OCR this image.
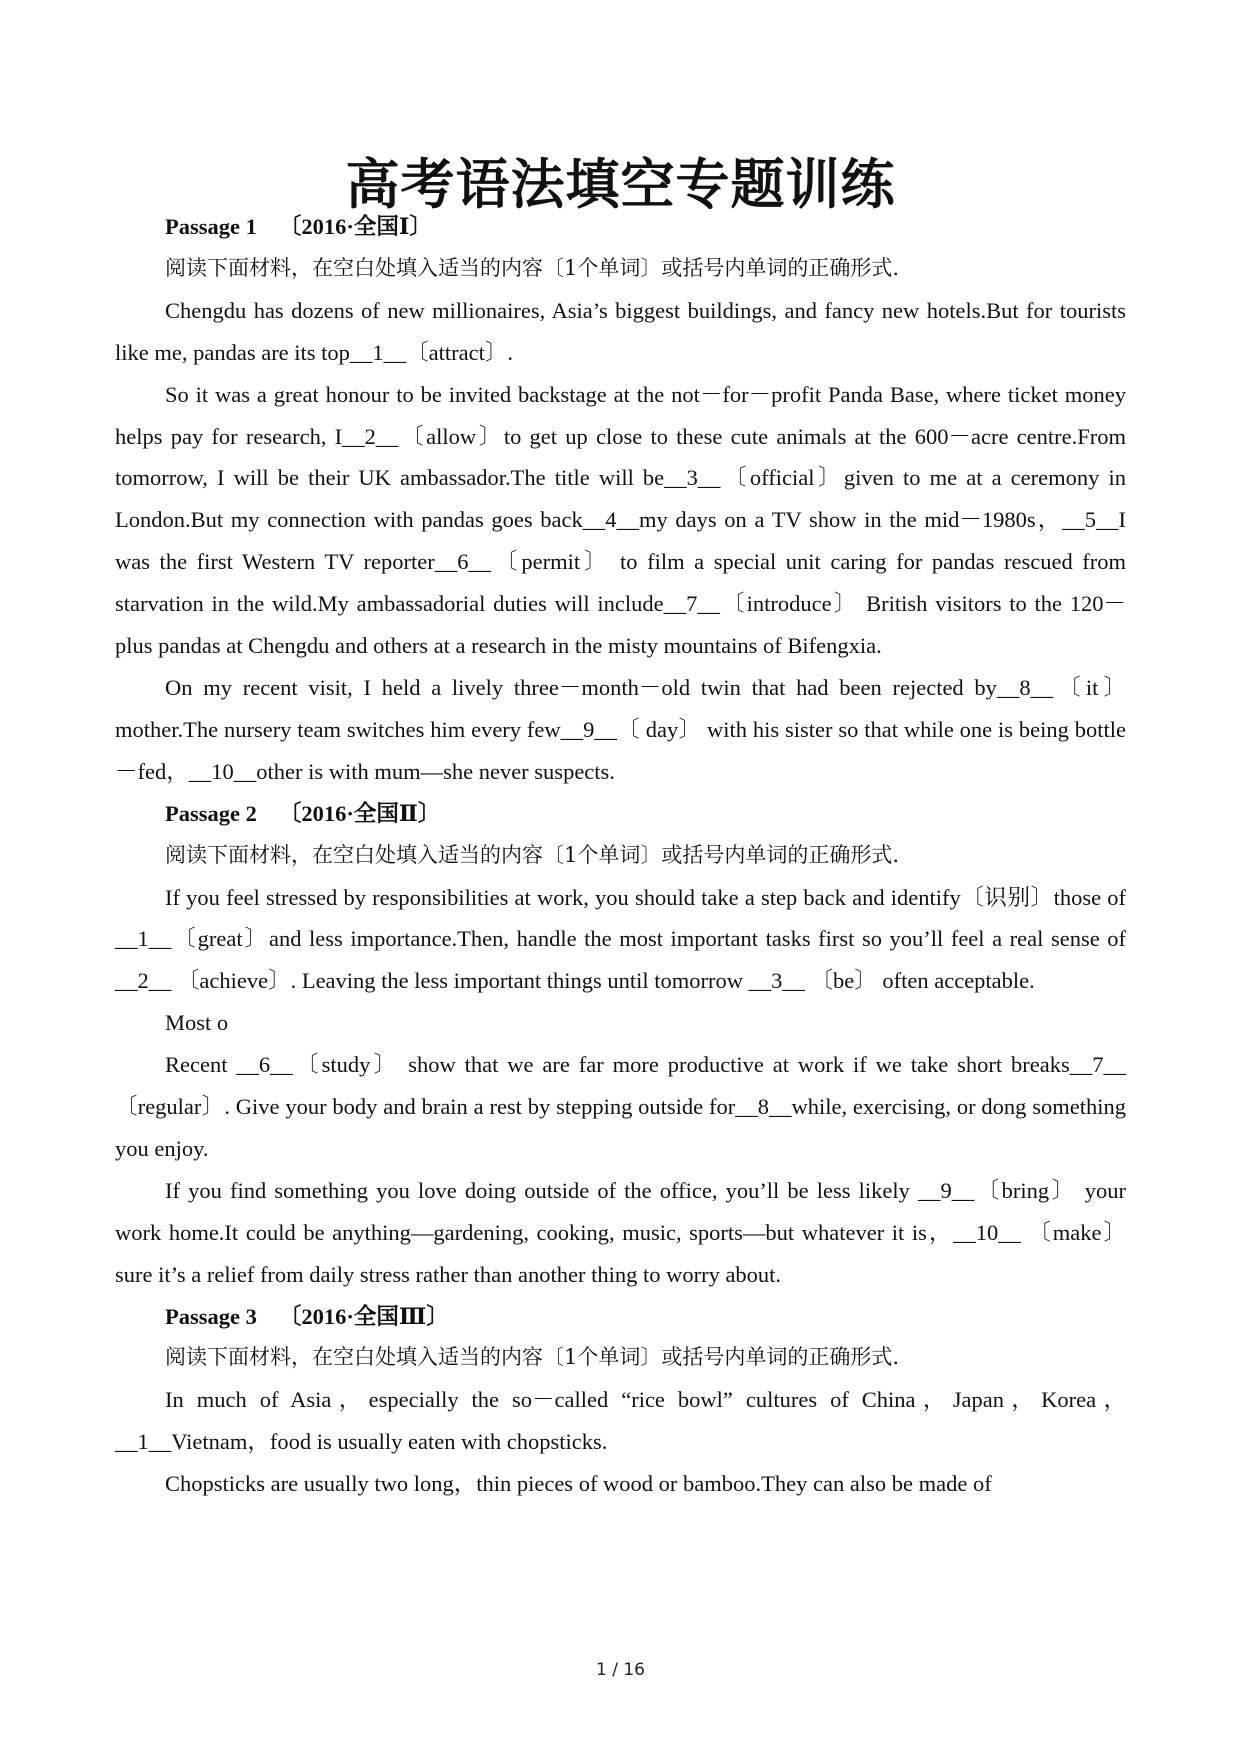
高考语法填空专题训练

Passage 1 〔2016·全国Ⅰ〕

阅读下面材料，在空白处填入适当的内容〔1个单词〕或括号内单词的正确形式.

Chengdu has dozens of new millionaires, Asia’s biggest buildings, and fancy new hotels.But for tourists like me, pandas are its top__1__〔attract〕.

So it was a great honour to be invited backstage at the not－for－profit Panda Base, where ticket money helps pay for research, I__2__〔allow〕to get up close to these cute animals at the 600－acre centre.From tomorrow, I will be their UK ambassador.The title will be__3__〔official〕given to me at a ceremony in London.But my connection with pandas goes back__4__my days on a TV show in the mid－1980s，__5__I was the first Western TV reporter__6__〔permit〕 to film a special unit caring for pandas rescued from starvation in the wild.My ambassadorial duties will include__7__〔introduce〕 British visitors to the 120－plus pandas at Chengdu and others at a research in the misty mountains of Bifengxia.

On my recent visit, I held a lively three－month－old twin that had been rejected by__8__〔it〕 mother.The nursery team switches him every few__9__〔 day〕 with his sister so that while one is being bottle－fed，__10__other is with mum—she never suspects.

Passage 2 〔2016·全国Ⅱ〕

阅读下面材料，在空白处填入适当的内容〔1个单词〕或括号内单词的正确形式.

If you feel stressed by responsibilities at work, you should take a step back and identify〔识别〕those of __1__〔great〕and less importance.Then, handle the most important tasks first so you’ll feel a real sense of __2__ 〔achieve〕. Leaving the less important things until tomorrow __3__ 〔be〕 often acceptable.

Most o

Recent __6__〔study〕 show that we are far more productive at work if we take short breaks__7__〔regular〕. Give your body and brain a rest by stepping outside for__8__while, exercising, or dong something you enjoy.

If you find something you love doing outside of the office, you’ll be less likely __9__〔bring〕 your work home.It could be anything—gardening, cooking, music, sports—but whatever it is，__10__ 〔make〕 sure it’s a relief from daily stress rather than another thing to worry about.

Passage 3 〔2016·全国Ⅲ〕

阅读下面材料，在空白处填入适当的内容〔1个单词〕或括号内单词的正确形式.

In much of Asia，especially the so－called “rice bowl” cultures of China，Japan，Korea，__1__Vietnam，food is usually eaten with chopsticks.

Chopsticks are usually two long，thin pieces of wood or bamboo.They can also be made of

1 / 16
